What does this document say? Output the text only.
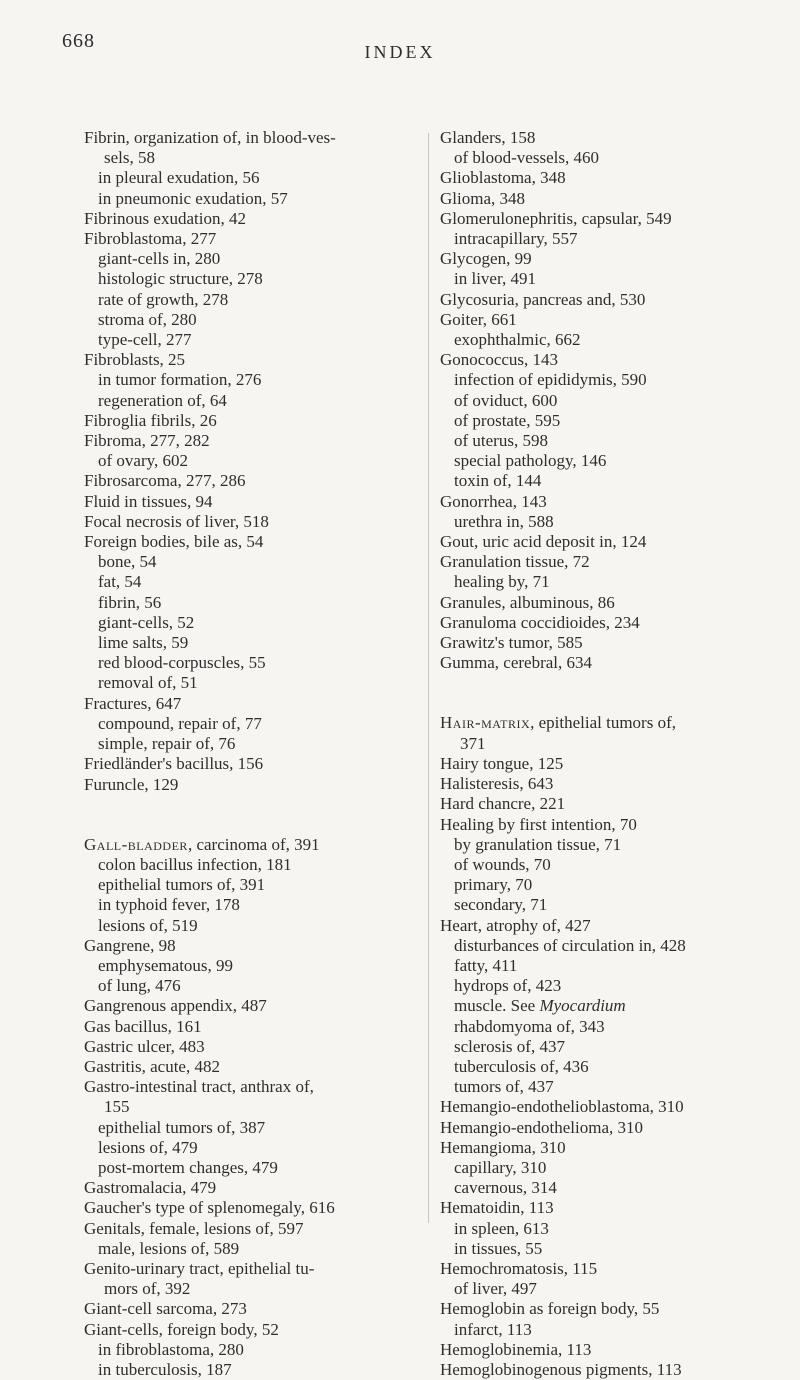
668	INDEX
Fibrin, organization of, in blood-ves-
sels, 58
in pleural exudation, 56
in pneumonic exudation, 57
Fibrinous exudation, 42
Fibroblastoma, 277
giant-cells in, 280
histologic structure, 278
rate of growth, 278
stroma of, 280
type-cell, 277
Fibroblasts, 25
in tumor formation, 276
regeneration of, 64
Fibroglia fibrils, 26
Fibroma, 277, 282
of ovary, 602
Fibrosarcoma, 277, 286
Fluid in tissues, 94
Focal necrosis of liver, 518
Foreign bodies, bile as, 54
bone, 54
fat, 54
fibrin, 56
giant-cells, 52
lime salts, 59
red blood-corpuscles, 55
removal of, 51
Fractures, 647
compound, repair of, 77
simple, repair of, 76
Friedländer's bacillus, 156
Furuncle, 129
Gall-bladder, carcinoma of, 391
colon bacillus infection, 181
epithelial tumors of, 391
in typhoid fever, 178
lesions of, 519
Gangrene, 98
emphysematous, 99
of lung, 476
Gangrenous appendix, 487
Gas bacillus, 161
Gastric ulcer, 483
Gastritis, acute, 482
Gastro-intestinal tract, anthrax of,
155
epithelial tumors of, 387
lesions of, 479
post-mortem changes, 479
Gastromalacia, 479
Gaucher's type of splenomegaly, 616
Genitals, female, lesions of, 597
male, lesions of, 589
Genito-urinary tract, epithelial tu-
mors of, 392
Giant-cell sarcoma, 273
Giant-cells, foreign body, 52
in fibroblastoma, 280
in tuberculosis, 187
Glanders, 158
of blood-vessels, 460
Glioblastoma, 348
Glioma, 348
Glomerulonephritis, capsular, 549
intracapillary, 557
Glycogen, 99
in liver, 491
Glycosuria, pancreas and, 530
Goiter, 661
exophthalmic, 662
Gonococcus, 143
infection of epididymis, 590
of oviduct, 600
of prostate, 595
of uterus, 598
special pathology, 146
toxin of, 144
Gonorrhea, 143
urethra in, 588
Gout, uric acid deposit in, 124
Granulation tissue, 72
healing by, 71
Granules, albuminous, 86
Granuloma coccidioides, 234
Grawitz's tumor, 585
Gumma, cerebral, 634
Hair-matrix, epithelial tumors of,
371
Hairy tongue, 125
Halisteresis, 643
Hard chancre, 221
Healing by first intention, 70
by granulation tissue, 71
of wounds, 70
primary, 70
secondary, 71
Heart, atrophy of, 427
disturbances of circulation in, 428
fatty, 411
hydrops of, 423
muscle. See Myocardium
rhabdomyoma of, 343
sclerosis of, 437
tuberculosis of, 436
tumors of, 437
Hemangio-endothelioblastoma, 310
Hemangio-endothelioma, 310
Hemangioma, 310
capillary, 310
cavernous, 314
Hematoidin, 113
in spleen, 613
in tissues, 55
Hemochromatosis, 115
of liver, 497
Hemoglobin as foreign body, 55
infarct, 113
Hemoglobinemia, 113
Hemoglobinogenous pigments, 113
